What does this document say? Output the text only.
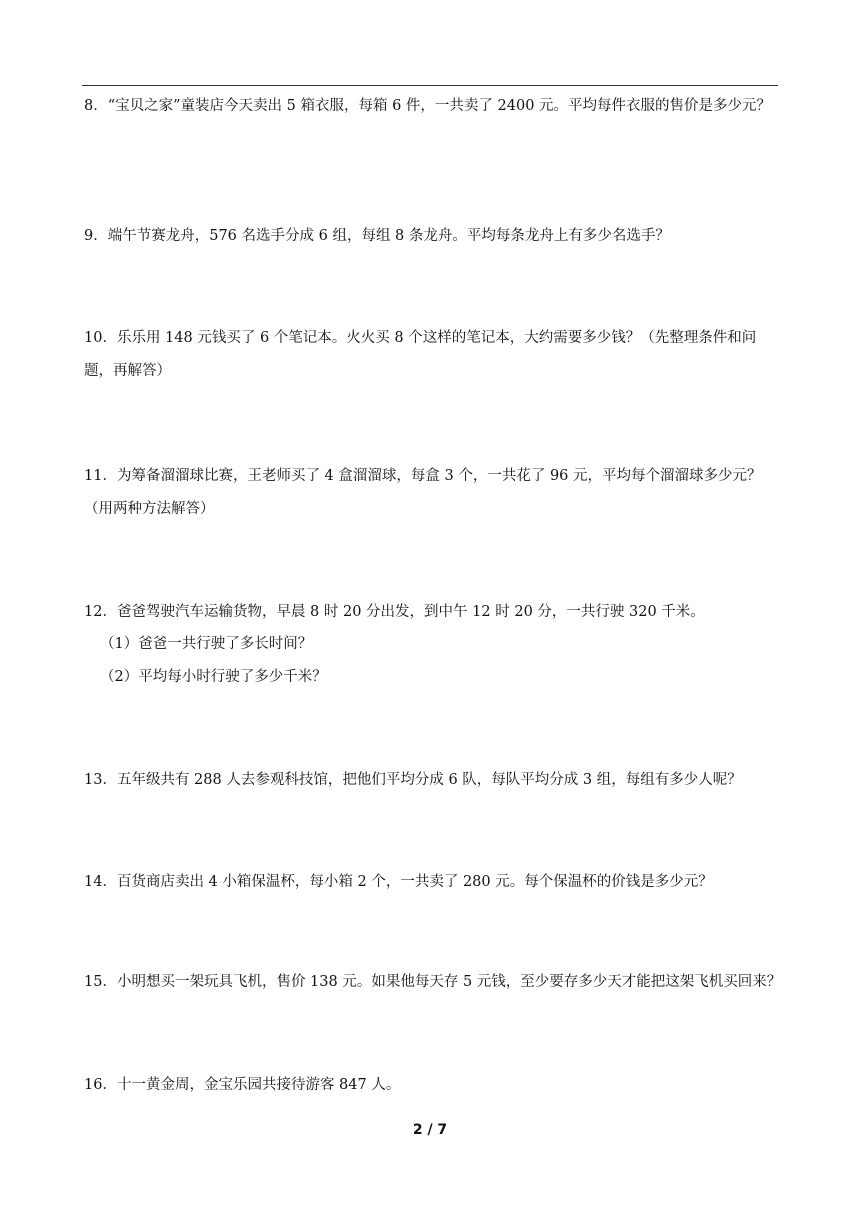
8．“宝贝之家”童装店今天卖出 5 箱衣服，每箱 6 件，一共卖了 2400 元。平均每件衣服的售价是多少元？

9．端午节赛龙舟，576 名选手分成 6 组，每组 8 条龙舟。平均每条龙舟上有多少名选手？

10．乐乐用 148 元钱买了 6 个笔记本。火火买 8 个这样的笔记本，大约需要多少钱？（先整理条件和问题，再解答）

11．为筹备溜溜球比赛，王老师买了 4 盒溜溜球，每盒 3 个，一共花了 96 元，平均每个溜溜球多少元？（用两种方法解答）

12．爸爸驾驶汽车运输货物，早晨 8 时 20 分出发，到中午 12 时 20 分，一共行驶 320 千米。

（1）爸爸一共行驶了多长时间？

（2）平均每小时行驶了多少千米？

13．五年级共有 288 人去参观科技馆，把他们平均分成 6 队，每队平均分成 3 组，每组有多少人呢？

14．百货商店卖出 4 小箱保温杯，每小箱 2 个，一共卖了 280 元。每个保温杯的价钱是多少元？

15．小明想买一架玩具飞机，售价 138 元。如果他每天存 5 元钱，至少要存多少天才能把这架飞机买回来？

16．十一黄金周，金宝乐园共接待游客 847 人。

2 / 7
